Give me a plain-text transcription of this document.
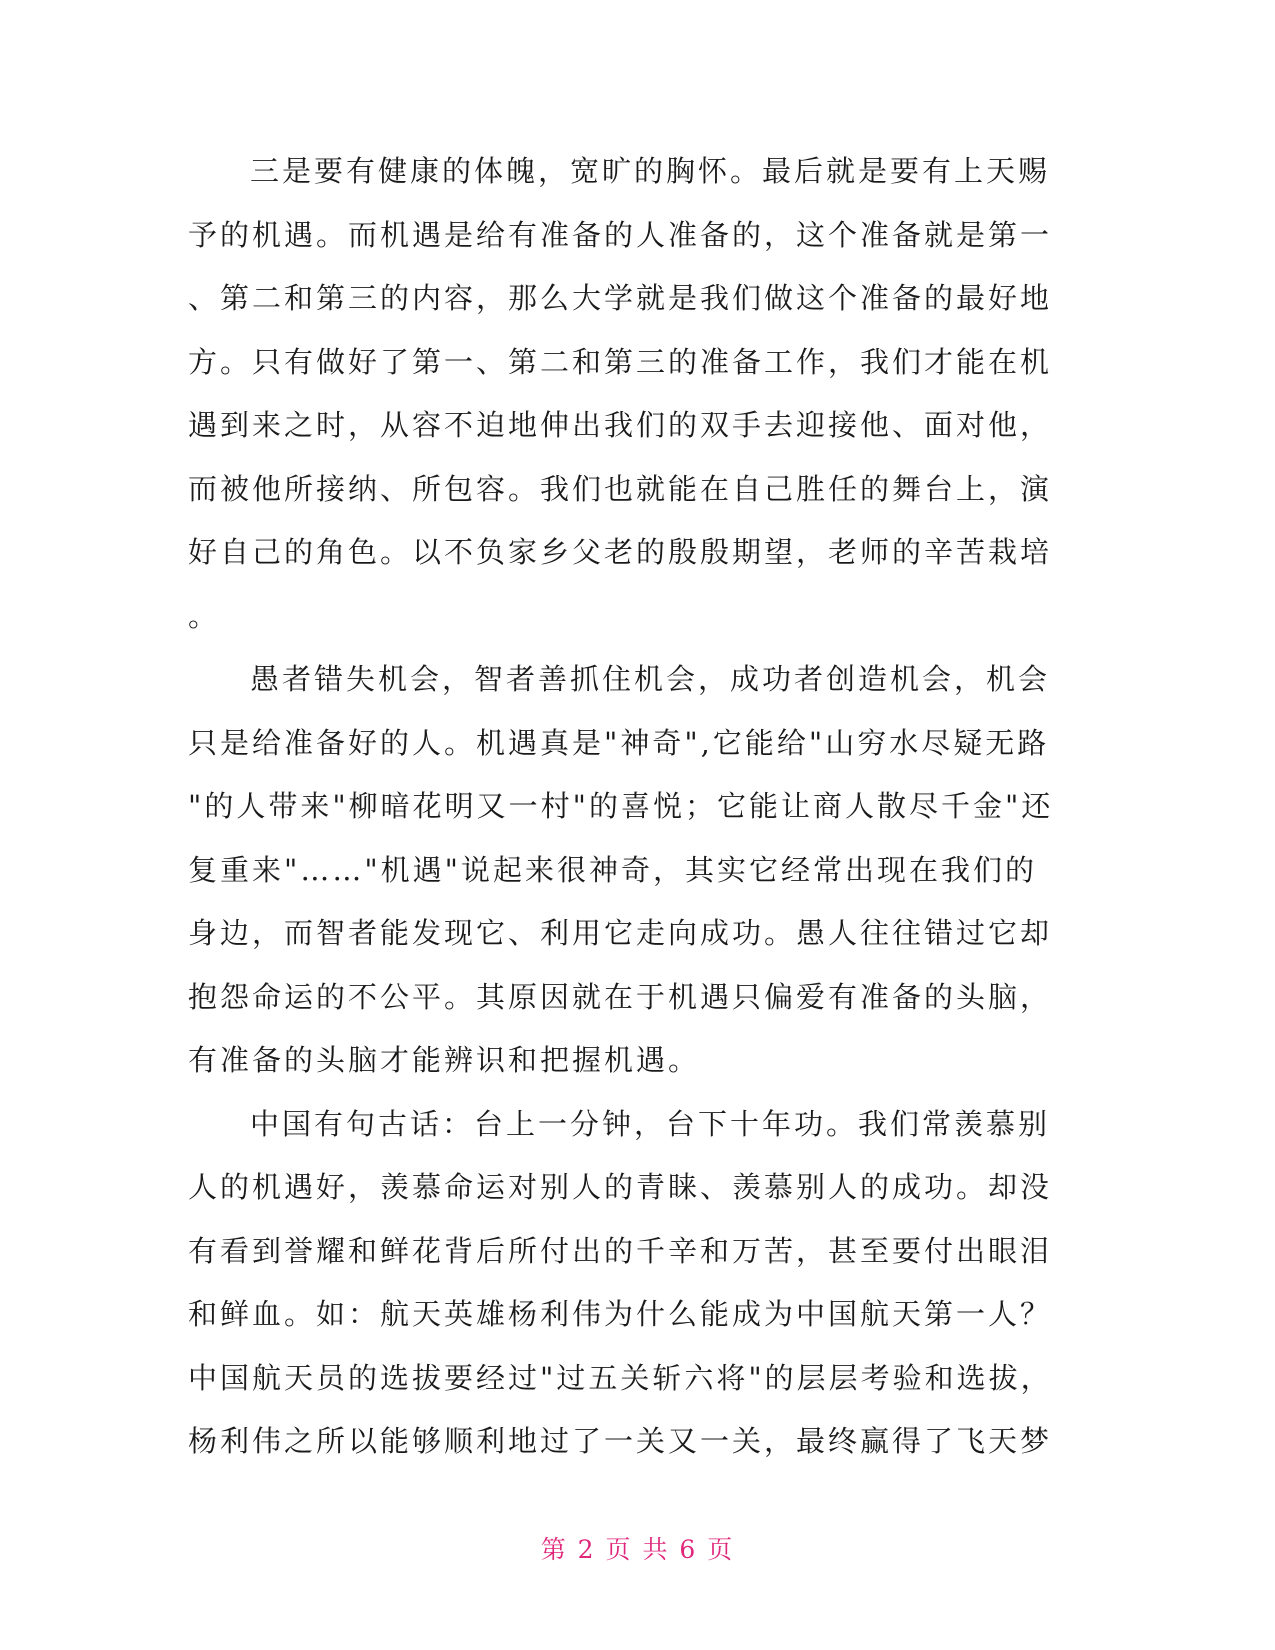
三是要有健康的体魄，宽旷的胸怀。最后就是要有上天赐
予的机遇。而机遇是给有准备的人准备的，这个准备就是第一
、第二和第三的内容，那么大学就是我们做这个准备的最好地
方。只有做好了第一、第二和第三的准备工作，我们才能在机
遇到来之时，从容不迫地伸出我们的双手去迎接他、面对他，
而被他所接纳、所包容。我们也就能在自己胜任的舞台上，演
好自己的角色。以不负家乡父老的殷殷期望，老师的辛苦栽培
。
愚者错失机会，智者善抓住机会，成功者创造机会，机会
只是给准备好的人。机遇真是"神奇",它能给"山穷水尽疑无路
"的人带来"柳暗花明又一村"的喜悦；它能让商人散尽千金"还
复重来"……"机遇"说起来很神奇，其实它经常出现在我们的
身边，而智者能发现它、利用它走向成功。愚人往往错过它却
抱怨命运的不公平。其原因就在于机遇只偏爱有准备的头脑，
有准备的头脑才能辨识和把握机遇。
中国有句古话：台上一分钟，台下十年功。我们常羡慕别
人的机遇好，羡慕命运对别人的青睐、羡慕别人的成功。却没
有看到誉耀和鲜花背后所付出的千辛和万苦，甚至要付出眼泪
和鲜血。如：航天英雄杨利伟为什么能成为中国航天第一人？
中国航天员的选拔要经过"过五关斩六将"的层层考验和选拔，
杨利伟之所以能够顺利地过了一关又一关，最终赢得了飞天梦
第 2 页 共 6 页
